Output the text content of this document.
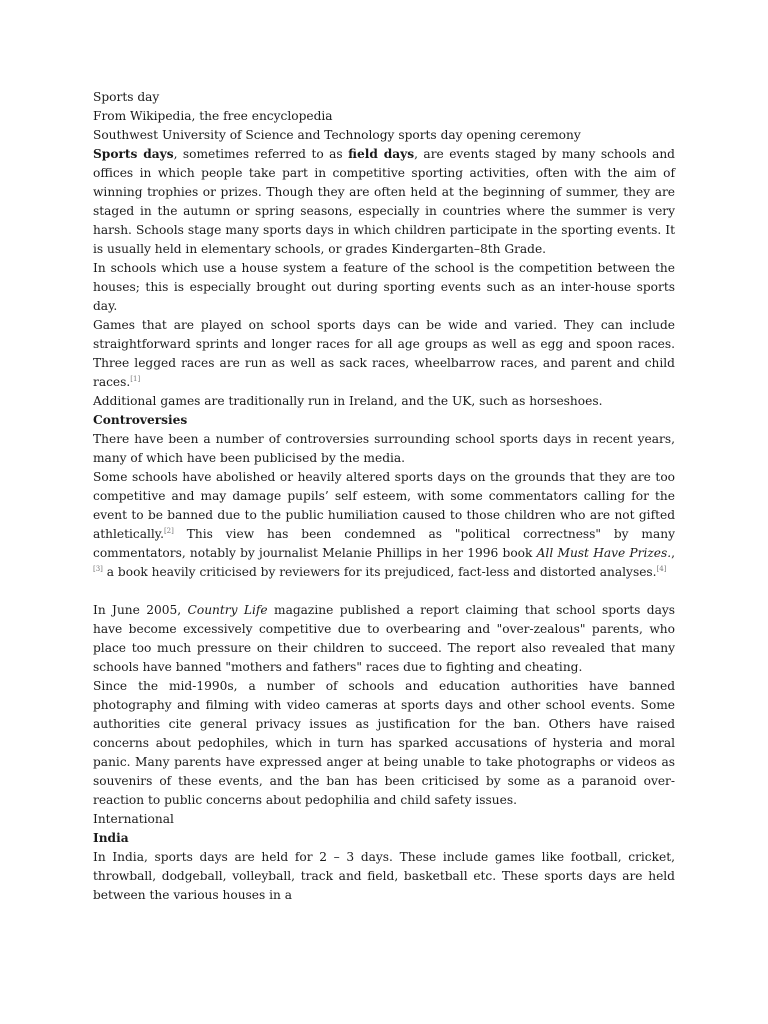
Sports day
From Wikipedia, the free encyclopedia
Southwest University of Science and Technology sports day opening ceremony
Sports days, sometimes referred to as field days, are events staged by many schools and offices in which people take part in competitive sporting activities, often with the aim of winning trophies or prizes. Though they are often held at the beginning of summer, they are staged in the autumn or spring seasons, especially in countries where the summer is very harsh. Schools stage many sports days in which children participate in the sporting events. It is usually held in elementary schools, or grades Kindergarten–8th Grade.
In schools which use a house system a feature of the school is the competition between the houses; this is especially brought out during sporting events such as an inter-house sports day.
Games that are played on school sports days can be wide and varied. They can include straightforward sprints and longer races for all age groups as well as egg and spoon races. Three legged races are run as well as sack races, wheelbarrow races, and parent and child races.[1]
Additional games are traditionally run in Ireland, and the UK, such as horseshoes.
Controversies
There have been a number of controversies surrounding school sports days in recent years, many of which have been publicised by the media.
Some schools have abolished or heavily altered sports days on the grounds that they are too competitive and may damage pupils’ self esteem, with some commentators calling for the event to be banned due to the public humiliation caused to those children who are not gifted athletically.[2] This view has been condemned as "political correctness" by many commentators, notably by journalist Melanie Phillips in her 1996 book All Must Have Prizes.,[3] a book heavily criticised by reviewers for its prejudiced, fact-less and distorted analyses.[4]
In June 2005, Country Life magazine published a report claiming that school sports days have become excessively competitive due to overbearing and "over-zealous" parents, who place too much pressure on their children to succeed. The report also revealed that many schools have banned "mothers and fathers" races due to fighting and cheating.
Since the mid-1990s, a number of schools and education authorities have banned photography and filming with video cameras at sports days and other school events. Some authorities cite general privacy issues as justification for the ban. Others have raised concerns about pedophiles, which in turn has sparked accusations of hysteria and moral panic. Many parents have expressed anger at being unable to take photographs or videos as souvenirs of these events, and the ban has been criticised by some as a paranoid over-reaction to public concerns about pedophilia and child safety issues.
International
India
In India, sports days are held for 2 – 3 days. These include games like football, cricket, throwball, dodgeball, volleyball, track and field, basketball etc. These sports days are held between the various houses in a
